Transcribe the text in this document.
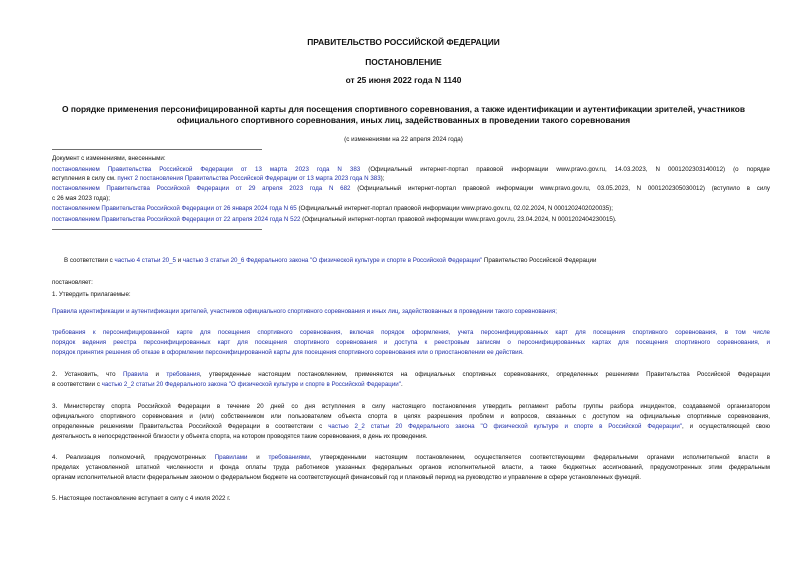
ПРАВИТЕЛЬСТВО РОССИЙСКОЙ ФЕДЕРАЦИИ
ПОСТАНОВЛЕНИЕ
от 25 июня 2022 года N 1140
О порядке применения персонифицированной карты для посещения спортивного соревнования, а также идентификации и аутентификации зрителей, участников
официального спортивного соревнования, иных лиц, задействованных в проведении такого соревнования
(с изменениями на 22 апреля 2024 года)
Документ с изменениями, внесенными:
постановлением Правительства Российской Федерации от 13 марта 2023 года N 383 (Официальный интернет-портал правовой информации www.pravo.gov.ru, 14.03.2023, N 0001202303140012) (о порядке
вступления в силу см. пункт 2 постановления Правительства Российской Федерации от 13 марта 2023 года N 383);
постановлением Правительства Российской Федерации от 29 апреля 2023 года N 682 (Официальный интернет-портал правовой информации www.pravo.gov.ru, 03.05.2023, N 0001202305030012) (вступило в силу
с 26 мая 2023 года);
постановлением Правительства Российской Федерации от 26 января 2024 года N 65 (Официальный интернет-портал правовой информации www.pravo.gov.ru, 02.02.2024, N 0001202402020035);
постановлением Правительства Российской Федерации от 22 апреля 2024 года N 522 (Официальный интернет-портал правовой информации www.pravo.gov.ru, 23.04.2024, N 0001202404230015).
В соответствии с частью 4 статьи 20_5 и частью 3 статьи 20_6 Федерального закона "О физической культуре и спорте в Российской Федерации" Правительство Российской Федерации
постановляет:
1. Утвердить прилагаемые:
Правила идентификации и аутентификации зрителей, участников официального спортивного соревнования и иных лиц, задействованных в проведении такого соревнования;
требования к персонифицированной карте для посещения спортивного соревнования, включая порядок оформления, учета персонифицированных карт для посещения спортивного соревнования, в том числе
порядок ведения реестра персонифицированных карт для посещения спортивного соревнования и доступа к реестровым записям о персонифицированных картах для посещения спортивного соревнования, и
порядок принятия решения об отказе в оформлении персонифицированной карты для посещения спортивного соревнования или о приостановлении ее действия.
2. Установить, что Правила и требования, утвержденные настоящим постановлением, применяются на официальных спортивных соревнованиях, определенных решениями Правительства Российской Федерации
в соответствии с частью 2_2 статьи 20 Федерального закона "О физической культуре и спорте в Российской Федерации".
3. Министерству спорта Российской Федерации в течение 20 дней со дня вступления в силу настоящего постановления утвердить регламент работы группы разбора инцидентов, создаваемой организатором
официального спортивного соревнования и (или) собственником или пользователем объекта спорта в целях разрешения проблем и вопросов, связанных с доступом на официальные спортивные соревнования,
определенные решениями Правительства Российской Федерации в соответствии с частью 2_2 статьи 20 Федерального закона "О физической культуре и спорте в Российской Федерации", и осуществляющей свою
деятельность в непосредственной близости у объекта спорта, на котором проводятся такие соревнования, в день их проведения.
4. Реализация полномочий, предусмотренных Правилами и требованиями, утвержденными настоящим постановлением, осуществляется соответствующими федеральными органами исполнительной власти в
пределах установленной штатной численности и фонда оплаты труда работников указанных федеральных органов исполнительной власти, а также бюджетных ассигнований, предусмотренных этим федеральным
органам исполнительной власти федеральным законом о федеральном бюджете на соответствующий финансовый год и плановый период на руководство и управление в сфере установленных функций.
5. Настоящее постановление вступает в силу с 4 июля 2022 г.
